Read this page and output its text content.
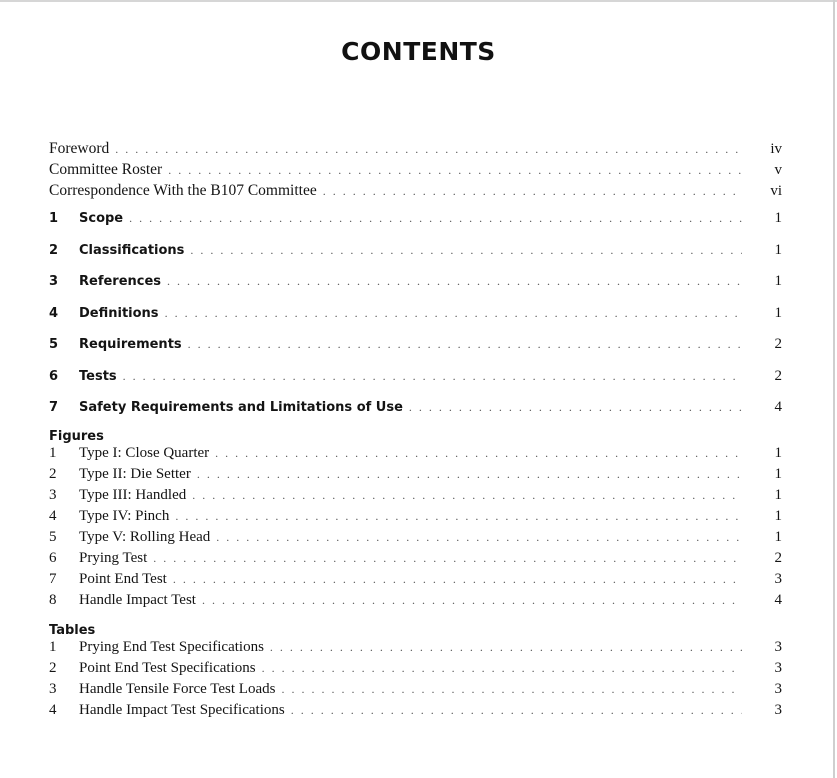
CONTENTS
Foreword . . .	iv
Committee Roster . . .	v
Correspondence With the B107 Committee . . .	vi
1	Scope . . .	1
2	Classifications . . .	1
3	References . . .	1
4	Definitions . . .	1
5	Requirements . . .	2
6	Tests . . .	2
7	Safety Requirements and Limitations of Use . . .	4
Figures
1	Type I: Close Quarter . . .	1
2	Type II: Die Setter . . .	1
3	Type III: Handled . . .	1
4	Type IV: Pinch . . .	1
5	Type V: Rolling Head . . .	1
6	Prying Test . . .	2
7	Point End Test . . .	3
8	Handle Impact Test . . .	4
Tables
1	Prying End Test Specifications . . .	3
2	Point End Test Specifications . . .	3
3	Handle Tensile Force Test Loads . . .	3
4	Handle Impact Test Specifications . . .	3
